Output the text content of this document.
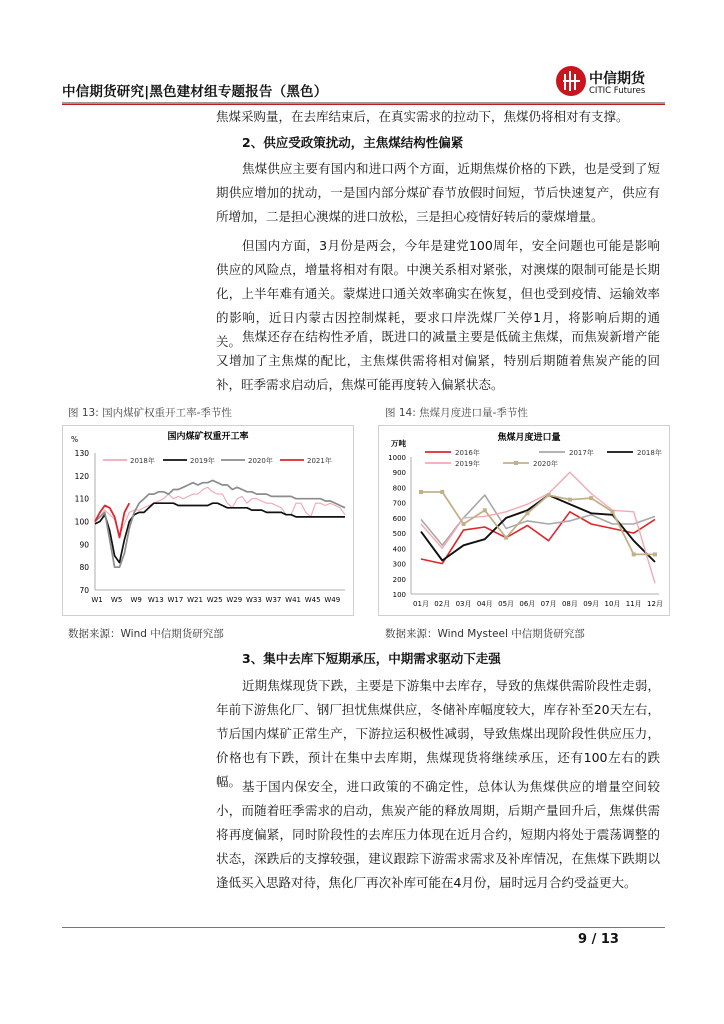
中信期货研究|黑色建材组专题报告（黑色）
中信期货
CITIC Futures
焦煤采购量，在去库结束后，在真实需求的拉动下，焦煤仍将相对有支撑。
2、供应受政策扰动，主焦煤结构性偏紧

焦煤供应主要有国内和进口两个方面，近期焦煤价格的下跌，也是受到了短期供应增加的扰动，一是国内部分煤矿春节放假时间短，节后快速复产，供应有所增加，二是担心澳煤的进口放松，三是担心疫情好转后的蒙煤增量。

但国内方面，3月份是两会，今年是建党100周年，安全问题也可能是影响供应的风险点，增量将相对有限。中澳关系相对紧张，对澳煤的限制可能是长期化，上半年难有通关。蒙煤进口通关效率确实在恢复，但也受到疫情、运输效率的影响，近日内蒙古因控制煤耗，要求口岸洗煤厂关停1月，将影响后期的通关。 焦煤还存在结构性矛盾，既进口的减量主要是低硫主焦煤，而焦炭新增产能又增加了主焦煤的配比，主焦煤供需将相对偏紧，特别后期随着焦炭产能的回补，旺季需求启动后，焦煤可能再度转入偏紧状态。

图 13: 国内煤矿权重开工率-季节性	图 14: 焦煤月度进口量-季节性
国内煤矿权重开工率
%
70
80
90
100
110
120
130
W1 W5 W9 W13 W17 W21 W25 W29 W33 W37 W41 W45 W49
2018年	2019年	2020年	2021年
焦煤月度进口量
万吨
100
200
300
400
500
600
700
800
900
1000
01月 02月 03月 04月 05月 06月 07月 08月 09月 10月 11月 12月
2016年	2017年	2018年
2019年	2020年
数据来源：Wind 中信期货研究部	数据来源：Wind Mysteel 中信期货研究部
3、集中去库下短期承压，中期需求驱动下走强

近期焦煤现货下跌，主要是下游集中去库存，导致的焦煤供需阶段性走弱，年前下游焦化厂、钢厂担忧焦煤供应，冬储补库幅度较大，库存补至20天左右，节后国内煤矿正常生产，下游拉运积极性减弱，导致焦煤出现阶段性供应压力，价格也有下跌，预计在集中去库期，焦煤现货将继续承压，还有100左右的跌幅。 基于国内保安全，进口政策的不确定性，总体认为焦煤供应的增量空间较小，而随着旺季需求的启动，焦炭产能的释放周期，后期产量回升后，焦煤供需将再度偏紧，同时阶段性的去库压力体现在近月合约，短期内将处于震荡调整的状态，深跌后的支撑较强，建议跟踪下游需求需求及补库情况，在焦煤下跌期以逢低买入思路对待，焦化厂再次补库可能在4月份，届时远月合约受益更大。

9 / 13
